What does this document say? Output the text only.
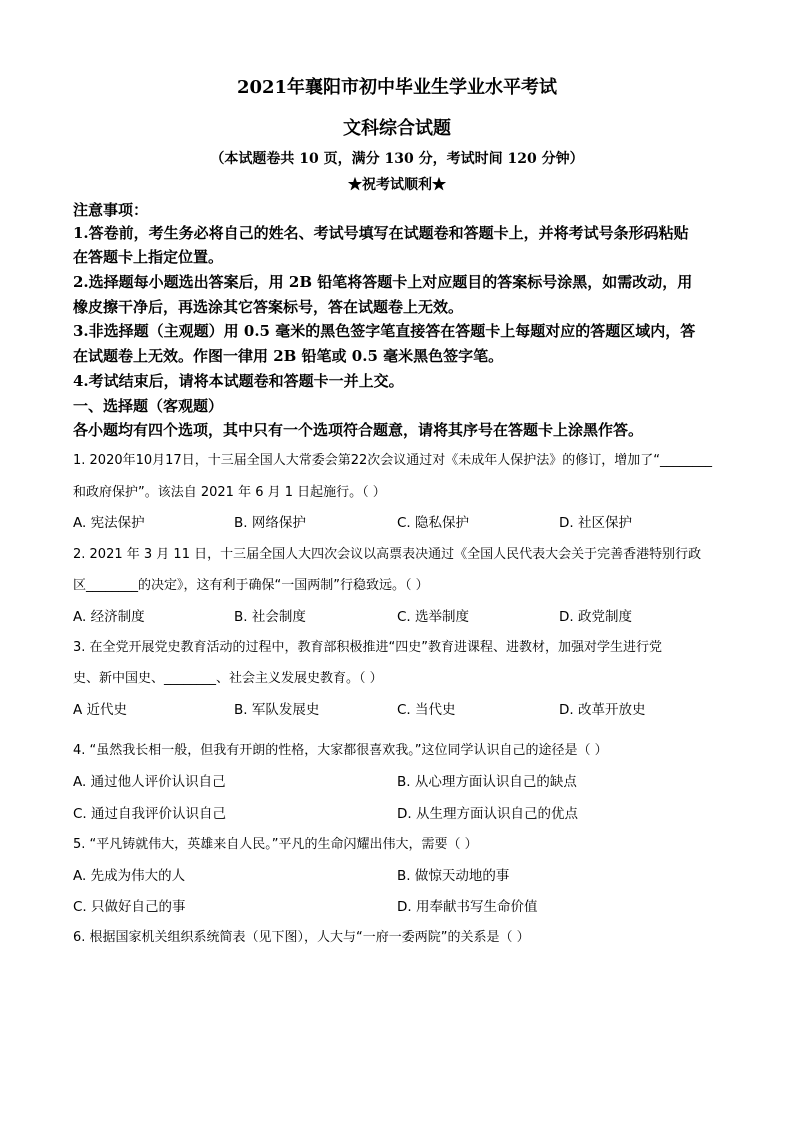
2021年襄阳市初中毕业生学业水平考试
文科综合试题
（本试题卷共 10 页，满分 130 分，考试时间 120 分钟）
★祝考试顺利★
注意事项：
1.答卷前，考生务必将自己的姓名、考试号填写在试题卷和答题卡上，并将考试号条形码粘贴
在答题卡上指定位置。
2.选择题每小题选出答案后，用 2B 铅笔将答题卡上对应题目的答案标号涂黑，如需改动，用
橡皮擦干净后，再选涂其它答案标号，答在试题卷上无效。
3.非选择题（主观题）用 0.5 毫米的黑色签字笔直接答在答题卡上每题对应的答题区域内，答
在试题卷上无效。作图一律用 2B 铅笔或 0.5 毫米黑色签字笔。
4.考试结束后，请将本试题卷和答题卡一并上交。
一、选择题（客观题）
各小题均有四个选项，其中只有一个选项符合题意，请将其序号在答题卡上涂黑作答。
1. 2020年10月17日，十三届全国人大常委会第22次会议通过对《未成年人保护法》的修订，增加了“________
和政府保护”。该法自 2021 年 6 月 1 日起施行。（ ）
A. 宪法保护	B. 网络保护	C. 隐私保护	D. 社区保护
2. 2021 年 3 月 11 日，十三届全国人大四次会议以高票表决通过《全国人民代表大会关于完善香港特别行政
区________的决定》，这有利于确保“一国两制”行稳致远。（ ）
A. 经济制度	B. 社会制度	C. 选举制度	D. 政党制度
3. 在全党开展党史教育活动的过程中，教育部积极推进“四史”教育进课程、进教材，加强对学生进行党
史、新中国史、________、社会主义发展史教育。（ ）
A 近代史	B. 军队发展史	C. 当代史	D. 改革开放史
4. “虽然我长相一般，但我有开朗的性格，大家都很喜欢我。”这位同学认识自己的途径是（ ）
A. 通过他人评价认识自己	B. 从心理方面认识自己的缺点
C. 通过自我评价认识自己	D. 从生理方面认识自己的优点
5. “平凡铸就伟大，英雄来自人民。”平凡的生命闪耀出伟大，需要（ ）
A. 先成为伟大的人	B. 做惊天动地的事
C. 只做好自己的事	D. 用奉献书写生命价值
6. 根据国家机关组织系统简表（见下图），人大与“一府一委两院”的关系是（ ）
